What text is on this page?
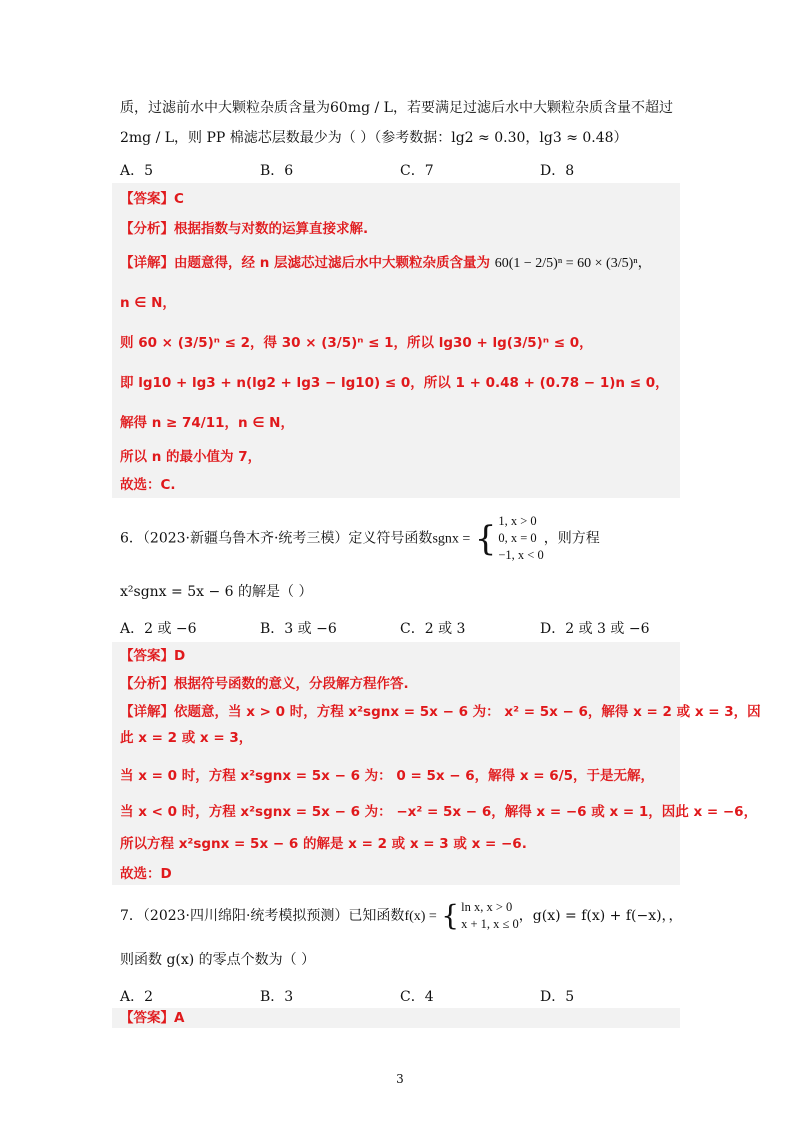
质，过滤前水中大颗粒杂质含量为60mg / L，若要满足过滤后水中大颗粒杂质含量不超过
2mg / L，则 PP 棉滤芯层数最少为（ ）（参考数据：lg2 ≈ 0.30，lg3 ≈ 0.48）
A．5	B．6	C．7	D．8
【答案】C
【分析】根据指数与对数的运算直接求解.
【详解】由题意得，经 n 层滤芯过滤后水中大颗粒杂质含量为 60(1 − 2/5)ⁿ = 60 × (3/5)ⁿ，
n ∈ N，
则 60 × (3/5)ⁿ ≤ 2，得 30 × (3/5)ⁿ ≤ 1，所以 lg30 + lg(3/5)ⁿ ≤ 0，
即 lg10 + lg3 + n(lg2 + lg3 − lg10) ≤ 0，所以 1 + 0.48 + (0.78 − 1)n ≤ 0，
解得 n ≥ 74/11，n ∈ N，
所以 n 的最小值为 7，
故选：C.
6．（2023·新疆乌鲁木齐·统考三模）定义符号函数sgnx = { 1, x > 0
0, x = 0
−1, x < 0
，则方程
x²sgnx = 5x − 6 的解是（ ）
A．2 或 −6	B．3 或 −6	C．2 或 3	D．2 或 3 或 −6
【答案】D
【分析】根据符号函数的意义，分段解方程作答.
【详解】依题意，当 x > 0 时，方程 x²sgnx = 5x − 6 为： x² = 5x − 6，解得 x = 2 或 x = 3，因
此 x = 2 或 x = 3，
当 x = 0 时，方程 x²sgnx = 5x − 6 为： 0 = 5x − 6，解得 x = 6/5，于是无解，
当 x < 0 时，方程 x²sgnx = 5x − 6 为： −x² = 5x − 6，解得 x = −6 或 x = 1，因此 x = −6，
所以方程 x²sgnx = 5x − 6 的解是 x = 2 或 x = 3 或 x = −6.
故选：D
7．（2023·四川绵阳·统考模拟预测）已知函数f(x) = { ln x, x > 0
x + 1, x ≤ 0 ，g(x) = f(x) + f(−x)，，
则函数 g(x) 的零点个数为（ ）
A．2	B．3	C．4	D．5
【答案】A
3
